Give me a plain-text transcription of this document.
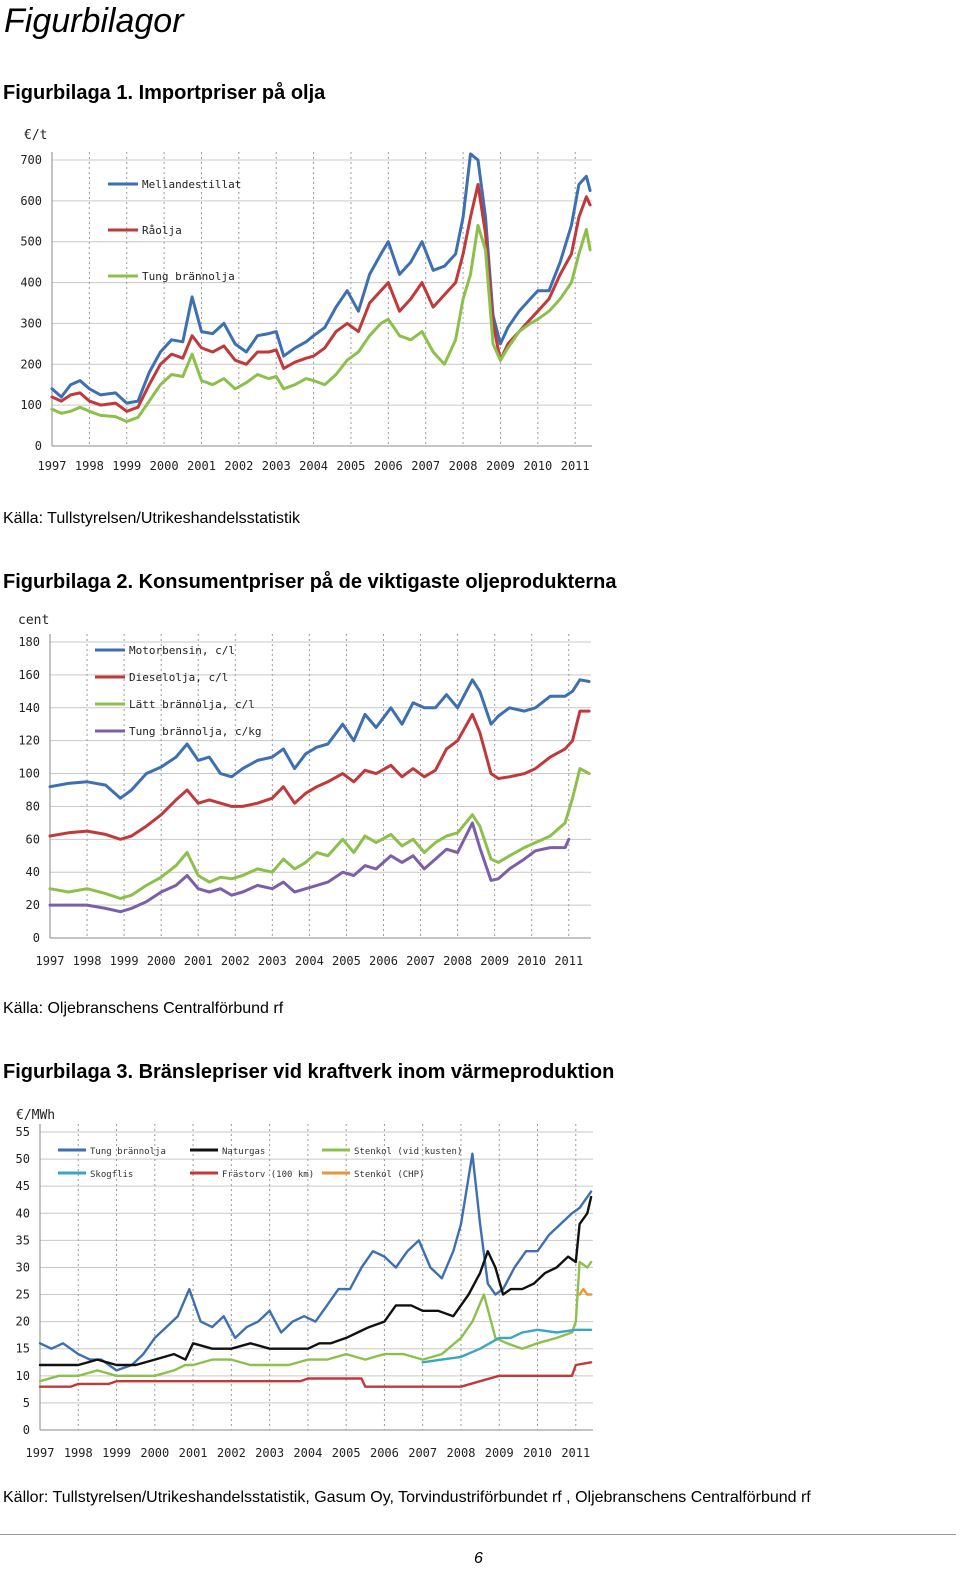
Figurbilagor
Figurbilaga 1. Importpriser på olja
€/t
0
100
200
300
400
500
600
700
1997 1998 1999 2000 2001 2002 2003 2004 2005 2006 2007 2008 2009 2010 2011
Mellandestillat
Råolja
Tung brännolja
Källa: Tullstyrelsen/Utrikeshandelsstatistik
Figurbilaga 2. Konsumentpriser på de viktigaste oljeprodukterna
cent
0
20
40
60
80
100
120
140
160
180
1997 1998 1999 2000 2001 2002 2003 2004 2005 2006 2007 2008 2009 2010 2011
Motorbensin, c/l
Dieselolja, c/l
Lätt brännolja, c/l
Tung brännolja, c/kg
Källa: Oljebranschens Centralförbund rf
Figurbilaga 3. Bränslepriser vid kraftverk inom värmeproduktion
€/MWh
0
5
10
15
20
25
30
35
40
45
50
55
1997 1998 1999 2000 2001 2002 2003 2004 2005 2006 2007 2008 2009 2010 2011
Tung brännolja	Naturgas	Stenkol (vid kusten)
Skogflis	Frästorv (100 km)	Stenkol (CHP)
Källor: Tullstyrelsen/Utrikeshandelsstatistik, Gasum Oy, Torvindustriförbundet rf , Oljebranschens Centralförbund rf
6
